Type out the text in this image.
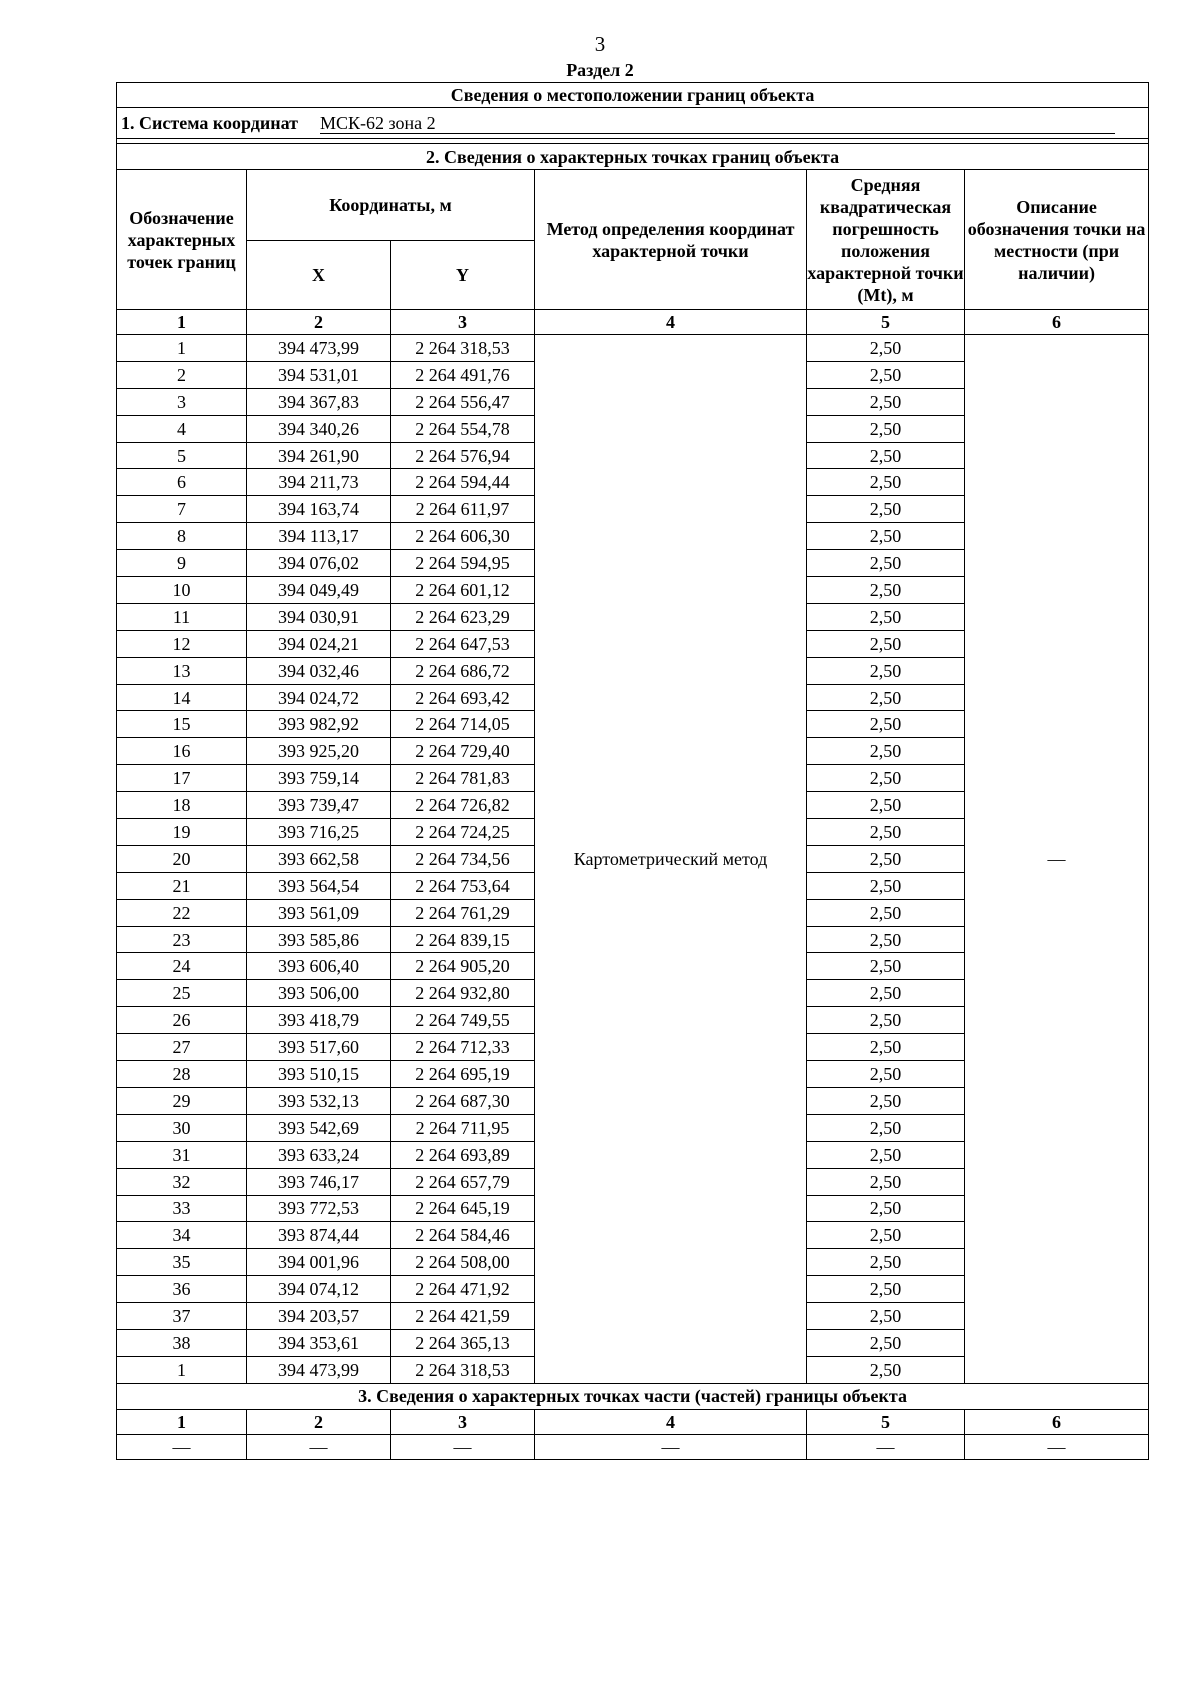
3
Раздел 2
Сведения о местоположении границ объекта					
1. Система координат МСК-62 зона 2					

2. Сведения о характерных точках границ объекта					
Обозначение характерных точек границ	Координаты, м		Метод определения координат характерной точки	Средняя квадратическая погрешность положения характерной точки (Mt), м	Описание обозначения точки на местности (при наличии)
	X	Y			
1	2	3	4	5	6
1	394 473,99	2 264 318,53	Картометрический метод	2,50	—
2	394 531,01	2 264 491,76		2,50	
3	394 367,83	2 264 556,47		2,50	
4	394 340,26	2 264 554,78		2,50	
5	394 261,90	2 264 576,94		2,50	
6	394 211,73	2 264 594,44		2,50	
7	394 163,74	2 264 611,97		2,50	
8	394 113,17	2 264 606,30		2,50	
9	394 076,02	2 264 594,95		2,50	
10	394 049,49	2 264 601,12		2,50	
11	394 030,91	2 264 623,29		2,50	
12	394 024,21	2 264 647,53		2,50	
13	394 032,46	2 264 686,72		2,50	
14	394 024,72	2 264 693,42		2,50	
15	393 982,92	2 264 714,05		2,50	
16	393 925,20	2 264 729,40		2,50	
17	393 759,14	2 264 781,83		2,50	
18	393 739,47	2 264 726,82		2,50	
19	393 716,25	2 264 724,25		2,50	
20	393 662,58	2 264 734,56		2,50	
21	393 564,54	2 264 753,64		2,50	
22	393 561,09	2 264 761,29		2,50	
23	393 585,86	2 264 839,15		2,50	
24	393 606,40	2 264 905,20		2,50	
25	393 506,00	2 264 932,80		2,50	
26	393 418,79	2 264 749,55		2,50	
27	393 517,60	2 264 712,33		2,50	
28	393 510,15	2 264 695,19		2,50	
29	393 532,13	2 264 687,30		2,50	
30	393 542,69	2 264 711,95		2,50	
31	393 633,24	2 264 693,89		2,50	
32	393 746,17	2 264 657,79		2,50	
33	393 772,53	2 264 645,19		2,50	
34	393 874,44	2 264 584,46		2,50	
35	394 001,96	2 264 508,00		2,50	
36	394 074,12	2 264 471,92		2,50	
37	394 203,57	2 264 421,59		2,50	
38	394 353,61	2 264 365,13		2,50	
1	394 473,99	2 264 318,53		2,50	
3. Сведения о характерных точках части (частей) границы объекта					
1	2	3	4	5	6
—	—	—	—	—	—
